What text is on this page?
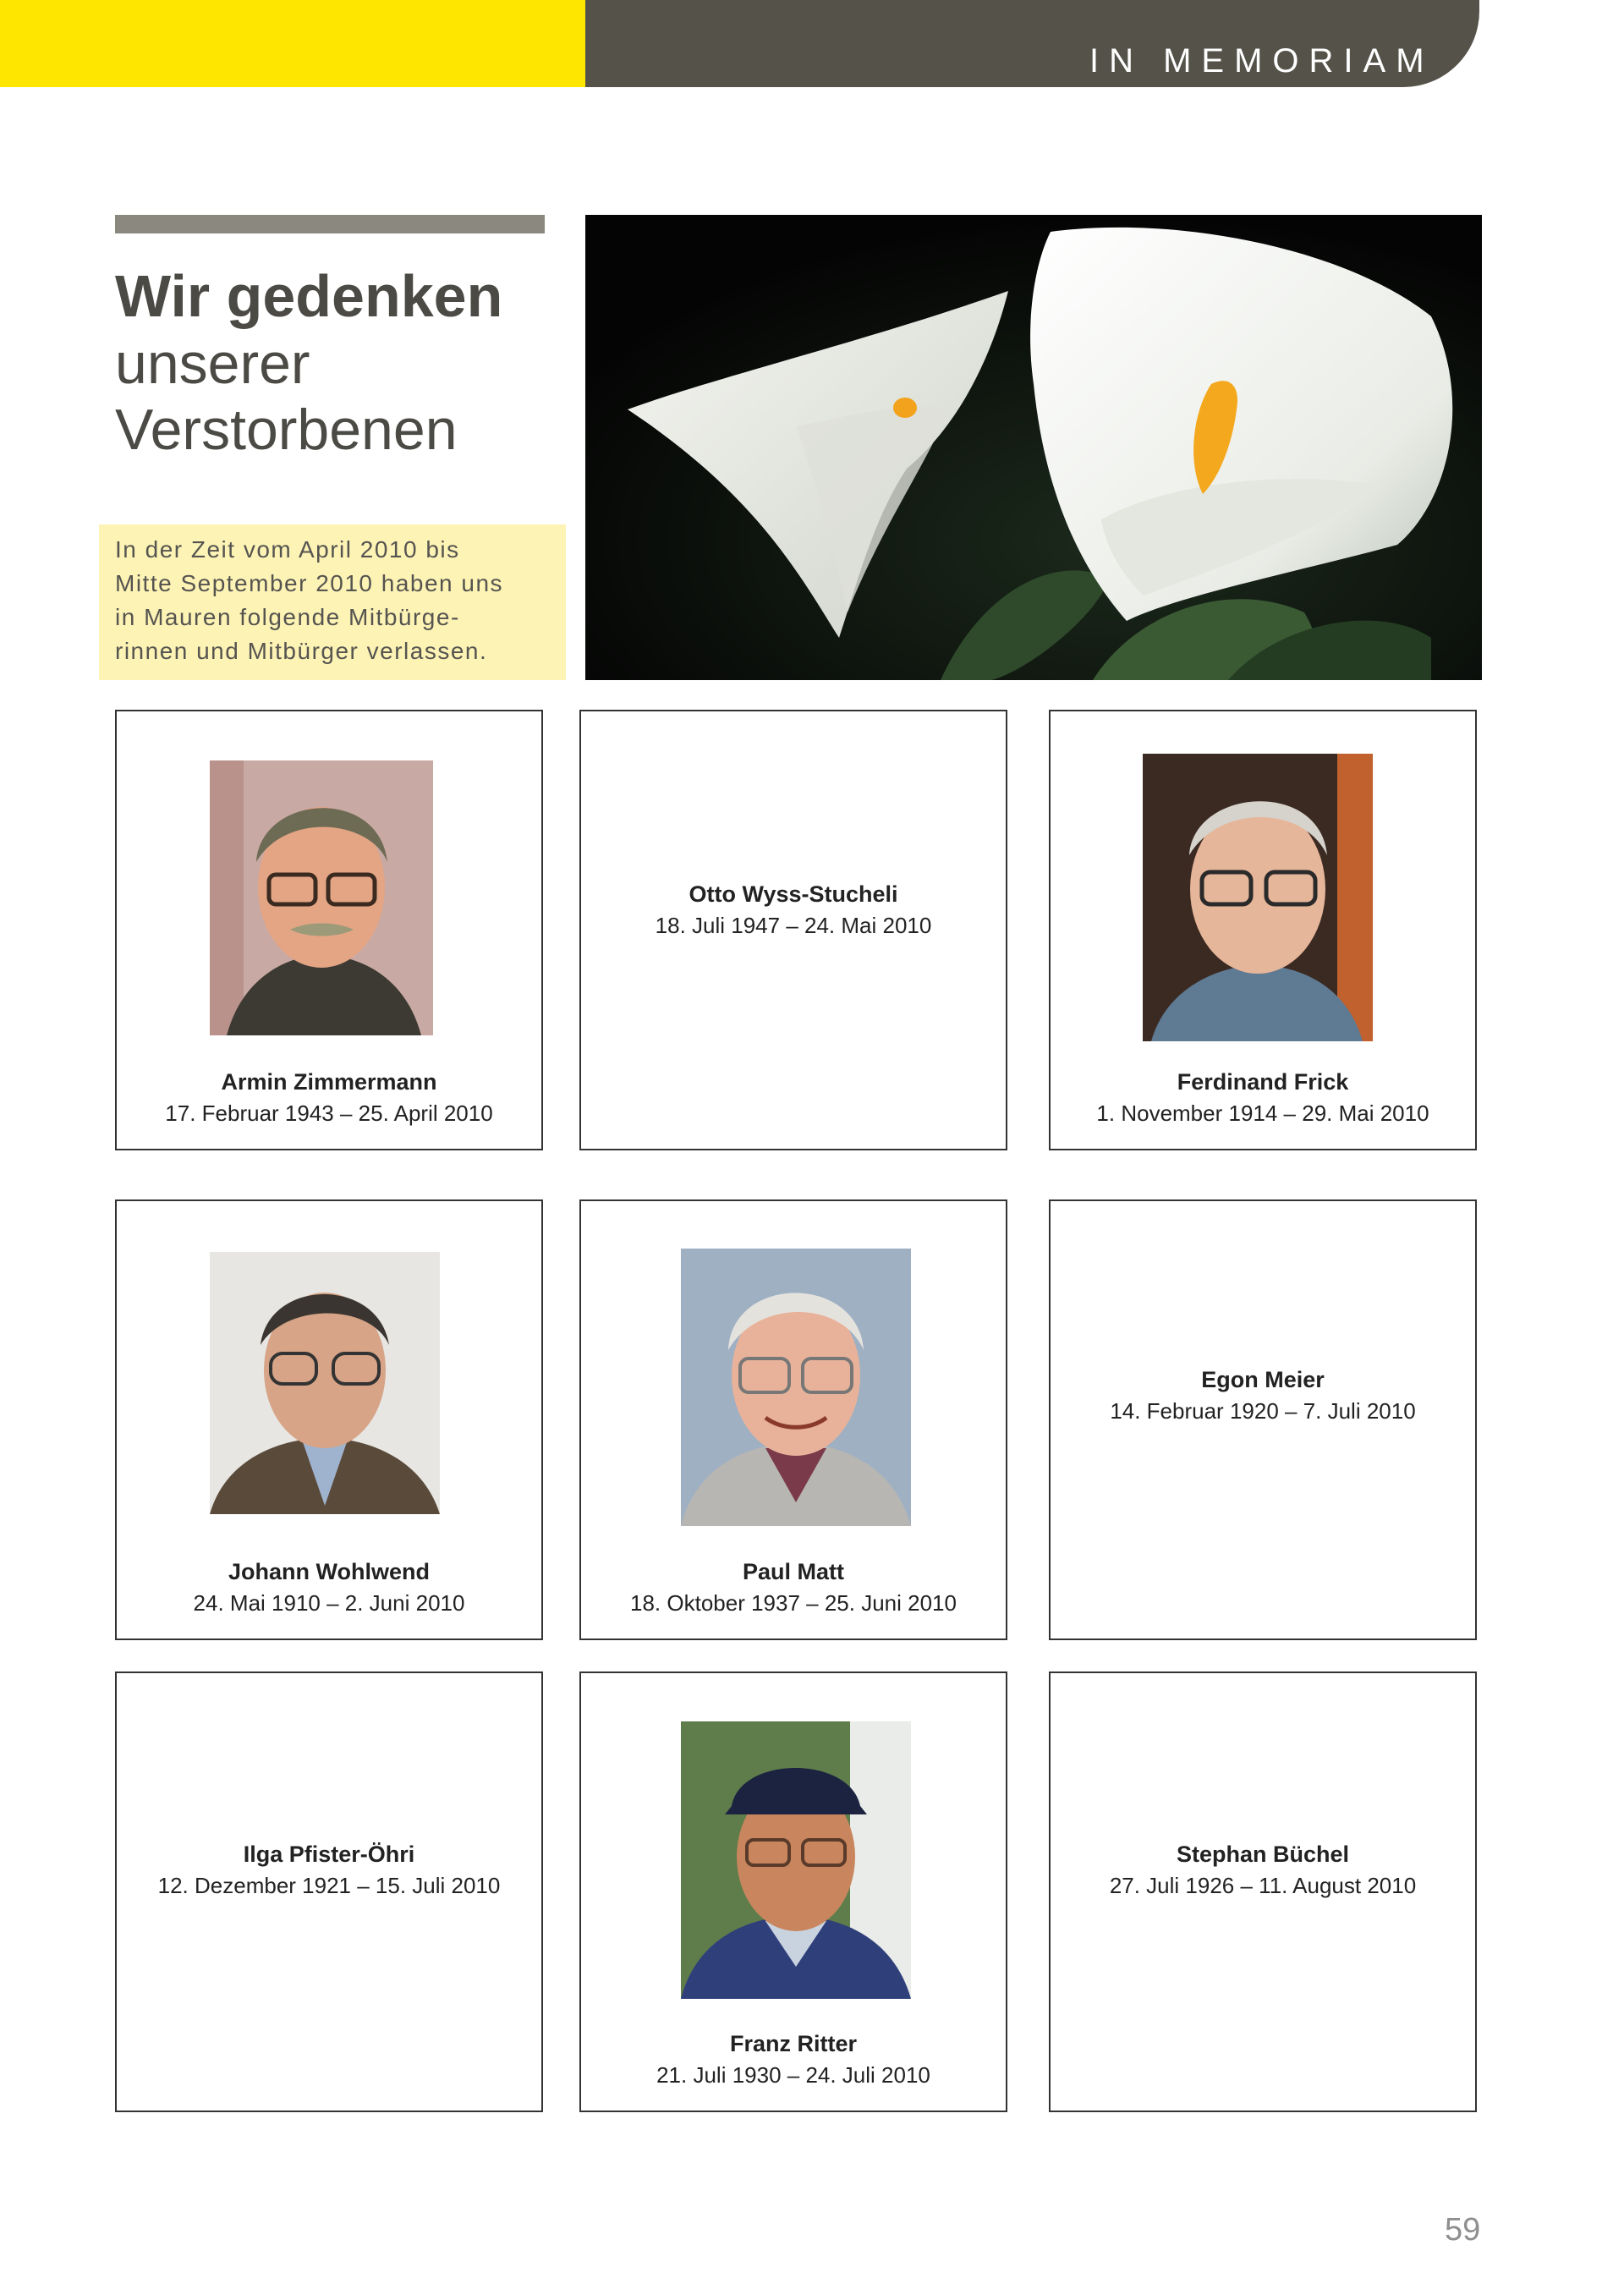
IN MEMORIAM
Wir gedenken
unserer
Verstorbenen
In der Zeit vom April 2010 bis
Mitte September 2010 haben uns
in Mauren folgende Mitbürge-
rinnen und Mitbürger verlassen.
Armin Zimmermann
17. Februar 1943 – 25. April 2010
Otto Wyss-Stucheli
18. Juli 1947 – 24. Mai 2010
Ferdinand Frick
1. November 1914 – 29. Mai 2010
Johann Wohlwend
24. Mai 1910 – 2. Juni 2010
Paul Matt
18. Oktober 1937 – 25. Juni 2010
Egon Meier
14. Februar 1920 – 7. Juli 2010
Ilga Pfister-Öhri
12. Dezember 1921 – 15. Juli 2010
Franz Ritter
21. Juli 1930 – 24. Juli 2010
Stephan Büchel
27. Juli 1926 – 11. August 2010
59
